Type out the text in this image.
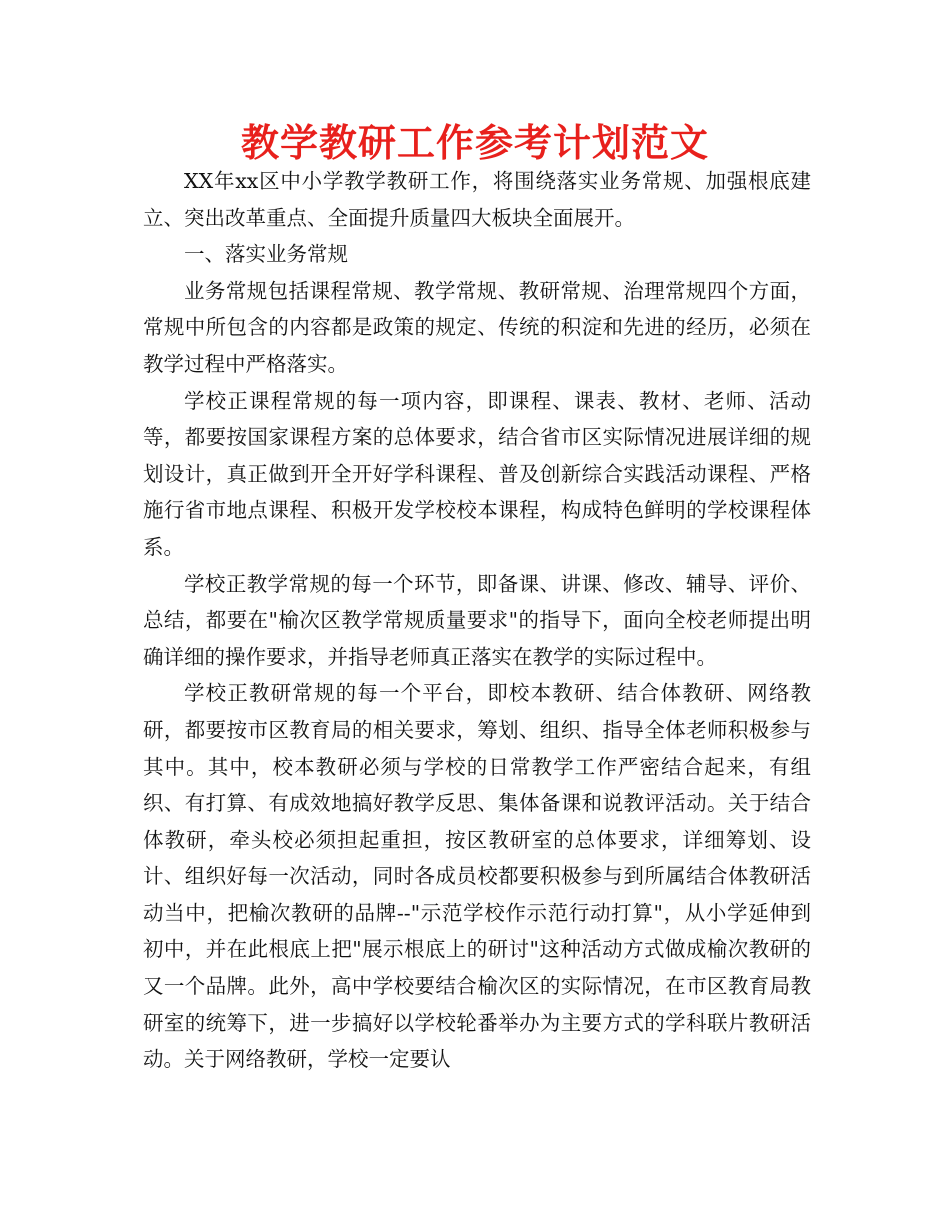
教学教研工作参考计划范文

XX年xx区中小学教学教研工作，将围绕落实业务常规、加强根底建立、突出改革重点、全面提升质量四大板块全面展开。

一、落实业务常规

业务常规包括课程常规、教学常规、教研常规、治理常规四个方面，常规中所包含的内容都是政策的规定、传统的积淀和先进的经历，必须在教学过程中严格落实。

学校正课程常规的每一项内容，即课程、课表、教材、老师、活动等，都要按国家课程方案的总体要求，结合省市区实际情况进展详细的规划设计，真正做到开全开好学科课程、普及创新综合实践活动课程、严格施行省市地点课程、积极开发学校校本课程，构成特色鲜明的学校课程体系。

学校正教学常规的每一个环节，即备课、讲课、修改、辅导、评价、总结，都要在"榆次区教学常规质量要求"的指导下，面向全校老师提出明确详细的操作要求，并指导老师真正落实在教学的实际过程中。

学校正教研常规的每一个平台，即校本教研、结合体教研、网络教研，都要按市区教育局的相关要求，筹划、组织、指导全体老师积极参与其中。其中，校本教研必须与学校的日常教学工作严密结合起来，有组织、有打算、有成效地搞好教学反思、集体备课和说教评活动。关于结合体教研，牵头校必须担起重担，按区教研室的总体要求，详细筹划、设计、组织好每一次活动，同时各成员校都要积极参与到所属结合体教研活动当中，把榆次教研的品牌--"示范学校作示范行动打算"，从小学延伸到初中，并在此根底上把"展示根底上的研讨"这种活动方式做成榆次教研的又一个品牌。此外，高中学校要结合榆次区的实际情况，在市区教育局教研室的统筹下，进一步搞好以学校轮番举办为主要方式的学科联片教研活动。关于网络教研，学校一定要认
